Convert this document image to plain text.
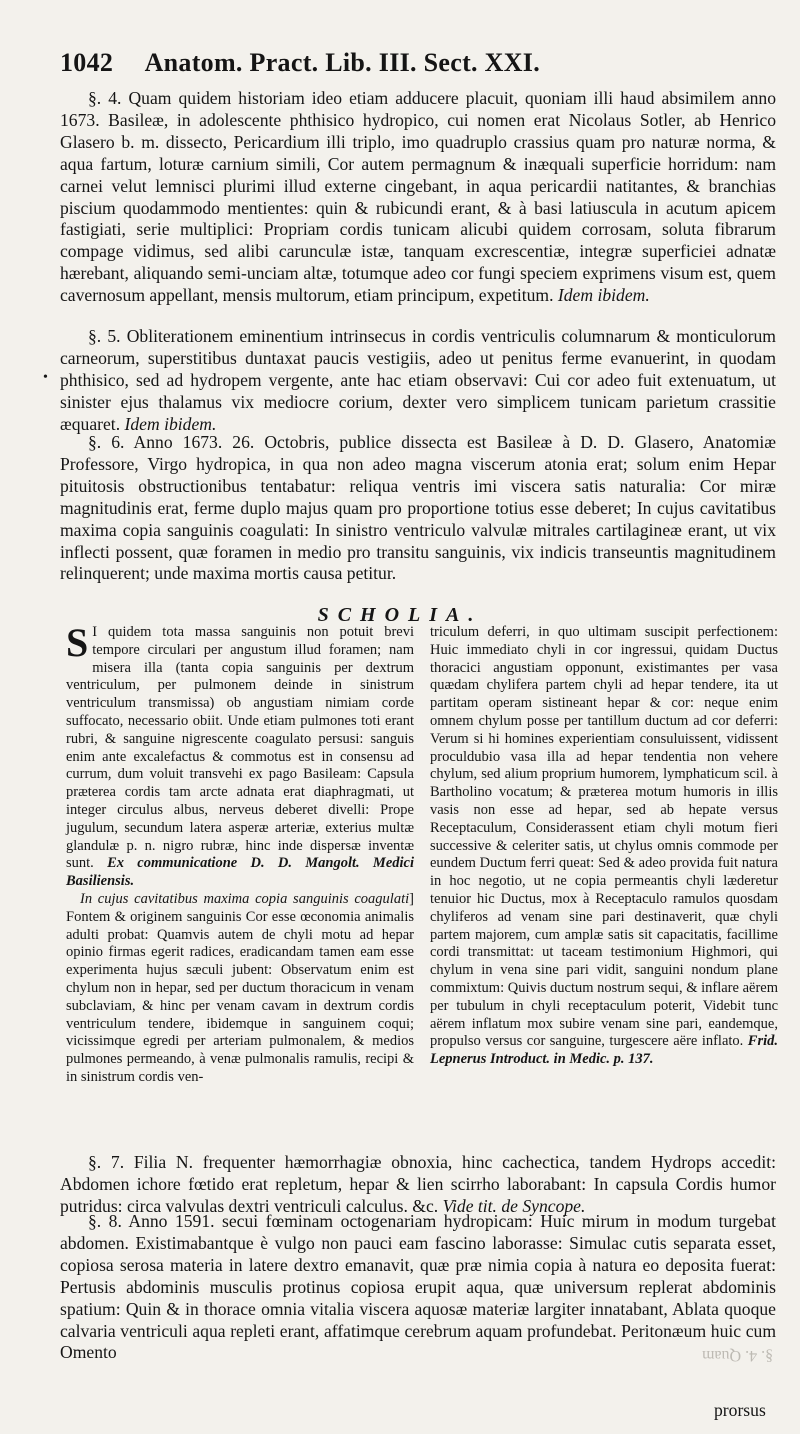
1042 Anatom. Pract. Lib. III. Sect. XXI.
•

§. 4. Quam quidem historiam ideo etiam adducere placuit, quoniam illi haud absimilem anno 1673. Basileæ, in adolescente phthisico hydropico, cui nomen erat Nicolaus Sotler, ab Henrico Glasero b. m. dissecto, Pericardium illi triplo, imo quadruplo crassius quam pro naturæ norma, & aqua fartum, loturæ carnium simili, Cor autem permagnum & inæquali superficie horridum: nam carnei velut lemnisci plurimi illud externe cingebant, in aqua pericardii natitantes, & branchias piscium quodammodo mentientes: quin & rubicundi erant, & à basi latiuscula in acutum apicem fastigiati, serie multiplici: Propriam cordis tunicam alicubi quidem corrosam, soluta fibrarum compage vidimus, sed alibi carunculæ istæ, tanquam excrescentiæ, integræ superficiei adnatæ hærebant, aliquando semi-unciam altæ, totumque adeo cor fungi speciem exprimens visum est, quem cavernosum appellant, mensis multorum, etiam principum, expetitum. Idem ibidem.

§. 5. Obliterationem eminentium intrinsecus in cordis ventriculis columnarum & monticulorum carneorum, superstitibus duntaxat paucis vestigiis, adeo ut penitus ferme evanuerint, in quodam phthisico, sed ad hydropem vergente, ante hac etiam observavi: Cui cor adeo fuit extenuatum, ut sinister ejus thalamus vix mediocre corium, dexter vero simplicem tunicam parietum crassitie æquaret. Idem ibidem.

§. 6. Anno 1673. 26. Octobris, publice dissecta est Basileæ à D. D. Glasero, Anatomiæ Professore, Virgo hydropica, in qua non adeo magna viscerum atonia erat; solum enim Hepar pituitosis obstructionibus tentabatur: reliqua ventris imi viscera satis naturalia: Cor miræ magnitudinis erat, ferme duplo majus quam pro proportione totius esse deberet; In cujus cavitatibus maxima copia sanguinis coagulati: In sinistro ventriculo valvulæ mitrales cartilagineæ erant, ut vix inflecti possent, quæ foramen in medio pro transitu sanguinis, vix indicis transeuntis magnitudinem relinquerent; unde maxima mortis causa petitur.

SCHOLIA.

S I quidem tota massa sanguinis non potuit brevi tempore circulari per angustum illud foramen; nam misera illa (tanta copia sanguinis per dextrum ventriculum, per pulmonem deinde in sinistrum ventriculum transmissa) ob angustiam nimiam corde suffocato, necessario obiit. Unde etiam pulmones toti erant rubri, & sanguine nigrescente coagulato persusi: sanguis enim ante excalefactus & commotus est in consensu ad currum, dum voluit transvehi ex pago Basileam: Capsula præterea cordis tam arcte adnata erat diaphragmati, ut integer circulus albus, nerveus deberet divelli: Prope jugulum, secundum latera asperæ arteriæ, exterius multæ glandulæ p. n. nigro rubræ, hinc inde dispersæ inventæ sunt. Ex communicatione D. D. Mangolt. Medici Basiliensis.

In cujus cavitatibus maxima copia sanguinis coagulati] Fontem & originem sanguinis Cor esse œconomia animalis adulti probat: Quamvis autem de chyli motu ad hepar opinio firmas egerit radices, eradicandam tamen eam esse experimenta hujus sæculi jubent: Observatum enim est chylum non in hepar, sed per ductum thoracicum in venam subclaviam, & hinc per venam cavam in dextrum cordis ventriculum tendere, ibidemque in sanguinem coqui; vicissimque egredi per arteriam pulmonalem, & medios pulmones permeando, à venæ pulmonalis ramulis, recipi & in sinistrum cordis ven-

triculum deferri, in quo ultimam suscipit perfectionem: Huic immediato chyli in cor ingressui, quidam Ductus thoracici angustiam opponunt, existimantes per vasa quædam chylifera partem chyli ad hepar tendere, ita ut partitam operam sistineant hepar & cor: neque enim omnem chylum posse per tantillum ductum ad cor deferri: Verum si hi homines experientiam consuluissent, vidissent proculdubio vasa illa ad hepar tendentia non vehere chylum, sed alium proprium humorem, lymphaticum scil. à Bartholino vocatum; & præterea motum humoris in illis vasis non esse ad hepar, sed ab hepate versus Receptaculum, Considerassent etiam chyli motum fieri successive & celeriter satis, ut chylus omnis commode per eundem Ductum ferri queat: Sed & adeo provida fuit natura in hoc negotio, ut ne copia permeantis chyli læderetur tenuior hic Ductus, mox à Receptaculo ramulos quosdam chyliferos ad venam sine pari destinaverit, quæ chyli partem majorem, cum amplæ satis sit capacitatis, facillime cordi transmittat: ut taceam testimonium Highmori, qui chylum in vena sine pari vidit, sanguini nondum plane commixtum: Quivis ductum nostrum sequi, & inflare aërem per tubulum in chyli receptaculum poterit, Videbit tunc aërem inflatum mox subire venam sine pari, eandemque, propulso versus cor sanguine, turgescere aëre inflato. Frid. Lepnerus Introduct. in Medic. p. 137.

§. 7. Filia N. frequenter hæmorrhagiæ obnoxia, hinc cachectica, tandem Hydrops accedit: Abdomen ichore fœtido erat repletum, hepar & lien scirrho laborabant: In capsula Cordis humor putridus: circa valvulas dextri ventriculi calculus. &c. Vide tit. de Syncope.

§. 8. Anno 1591. secui fœminam octogenariam hydropicam: Huic mirum in modum turgebat abdomen. Existimabantque è vulgo non pauci eam fascino laborasse: Simulac cutis separata esset, copiosa serosa materia in latere dextro emanavit, quæ præ nimia copia à natura eo deposita fuerat: Pertusis abdominis musculis protinus copiosa erupit aqua, quæ universum replerat abdominis spatium: Quin & in thorace omnia vitalia viscera aquosæ materiæ largiter innatabant, Ablata quoque calvaria ventriculi aqua repleti erant, affatimque cerebrum aquam profundebat. Peritonæum huic cum Omento	§. 4. Quam
prorsus
